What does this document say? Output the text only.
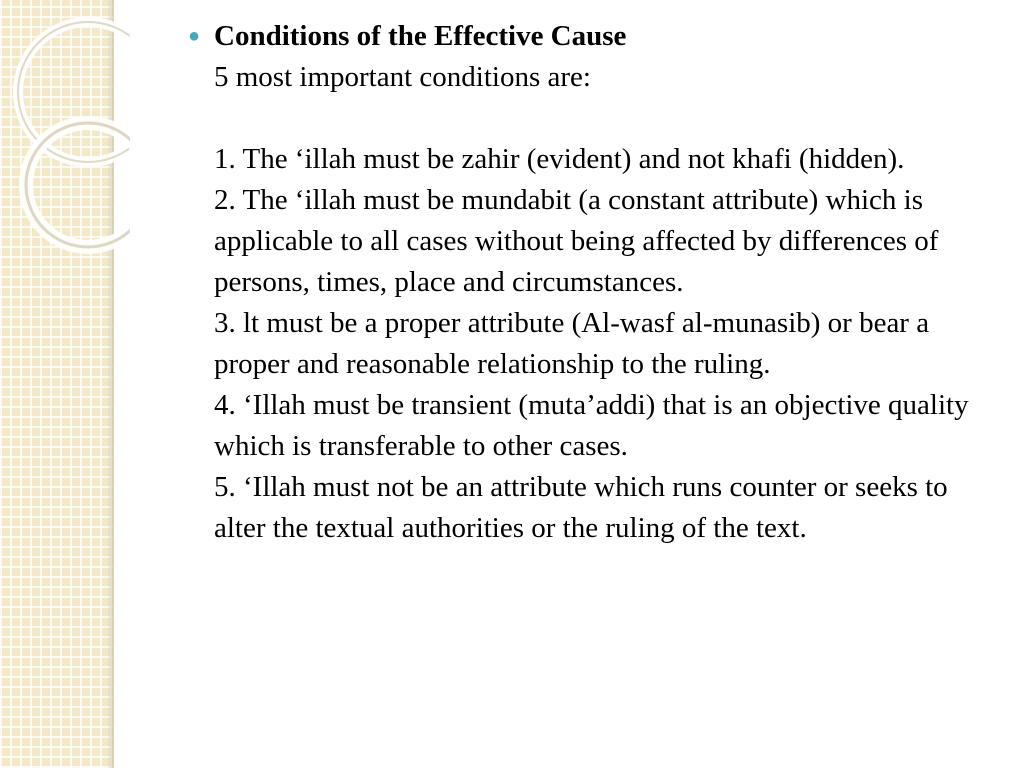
● Conditions of the Effective Cause
5 most important conditions are:
1. The ‘illah must be zahir (evident) and not khafi (hidden).
2. The ‘illah must be mundabit (a constant attribute) which is applicable to all cases without being affected by differences of persons, times, place and circumstances.
3. lt must be a proper attribute (Al-wasf al-munasib) or bear a proper and reasonable relationship to the ruling.
4. ‘Illah must be transient (muta’addi) that is an objective quality which is transferable to other cases.
5. ‘Illah must not be an attribute which runs counter or seeks to alter the textual authorities or the ruling of the text.
